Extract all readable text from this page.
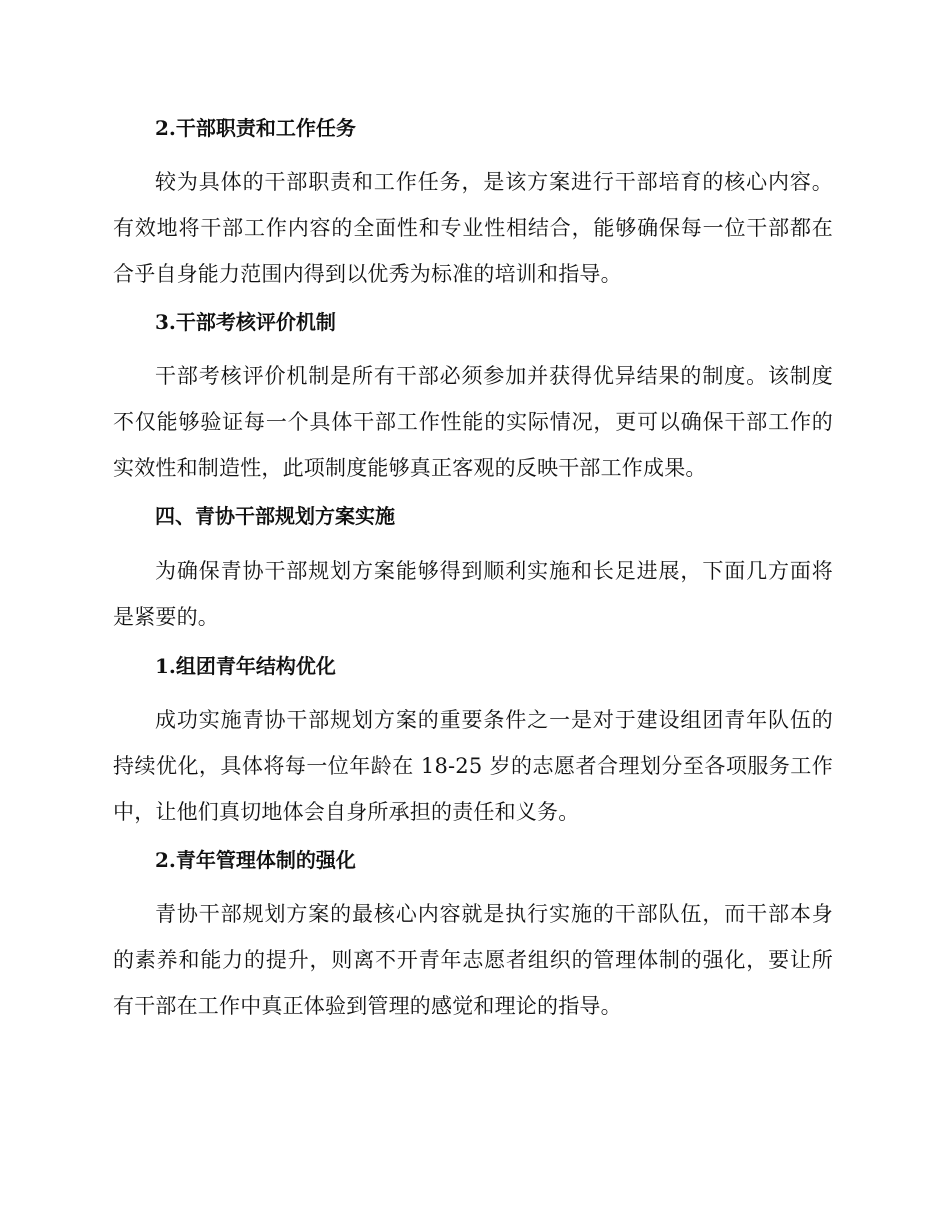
2.干部职责和工作任务
较为具体的干部职责和工作任务，是该方案进行干部培育的核心内容。有效地将干部工作内容的全面性和专业性相结合，能够确保每一位干部都在合乎自身能力范围内得到以优秀为标准的培训和指导。
3.干部考核评价机制
干部考核评价机制是所有干部必须参加并获得优异结果的制度。该制度不仅能够验证每一个具体干部工作性能的实际情况，更可以确保干部工作的实效性和制造性，此项制度能够真正客观的反映干部工作成果。
四、青协干部规划方案实施
为确保青协干部规划方案能够得到顺利实施和长足进展，下面几方面将是紧要的。
1.组团青年结构优化
成功实施青协干部规划方案的重要条件之一是对于建设组团青年队伍的持续优化，具体将每一位年龄在 18-25 岁的志愿者合理划分至各项服务工作中，让他们真切地体会自身所承担的责任和义务。
2.青年管理体制的强化
青协干部规划方案的最核心内容就是执行实施的干部队伍，而干部本身的素养和能力的提升，则离不开青年志愿者组织的管理体制的强化，要让所有干部在工作中真正体验到管理的感觉和理论的指导。
